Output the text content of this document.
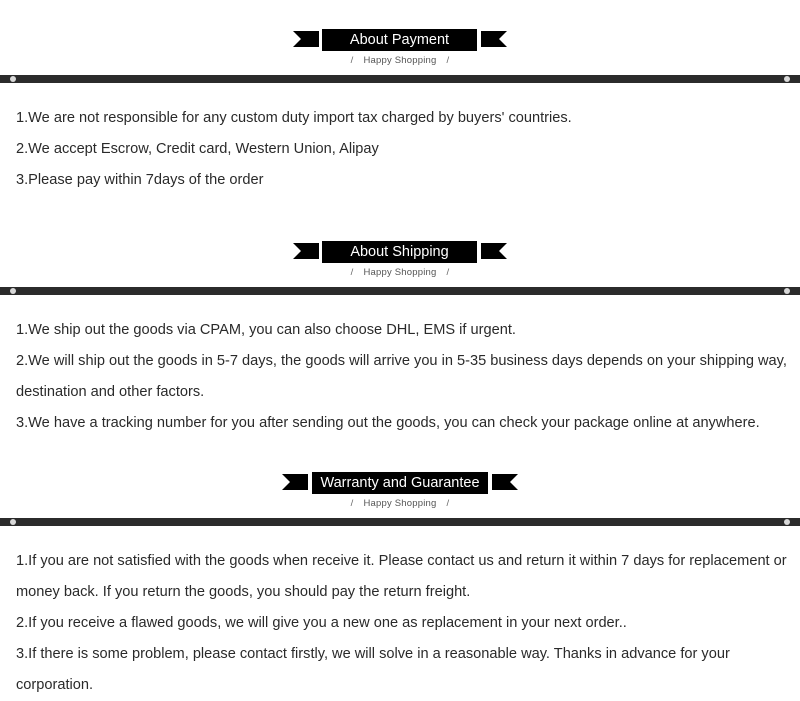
About Payment
/ Happy Shopping /

1.We are not responsible for any custom duty import tax charged by buyers' countries.

2.We accept Escrow, Credit card, Western Union, Alipay

3.Please pay within 7days of the order

About Shipping
/ Happy Shopping /

1.We ship out the goods via CPAM, you can also choose DHL, EMS if urgent.

2.We will ship out the goods in 5-7 days, the goods will arrive you in 5-35 business days depends on your shipping way, destination and other factors.

3.We have a tracking number for you after sending out the goods, you can check your package online at anywhere.

Warranty and Guarantee
/ Happy Shopping /

1.If you are not satisfied with the goods when receive it. Please contact us and return it within 7 days for replacement or money back. If you return the goods, you should pay the return freight.

2.If you receive a flawed goods, we will give you a new one as replacement in your next order..

3.If there is some problem, please contact firstly, we will solve in a reasonable way. Thanks in advance for your corporation.
